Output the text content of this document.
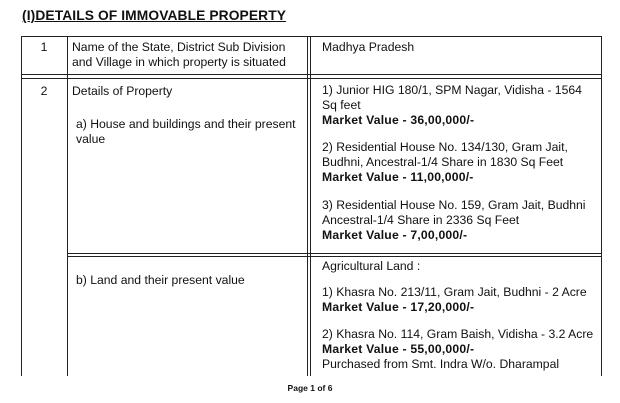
(I)DETAILS OF IMMOVABLE PROPERTY
1	Name of the State, District Sub Division
and Village in which property is situated
Madhya Pradesh
2	Details of Property
a) House and buildings and their present
value
1) Junior HIG 180/1, SPM Nagar, Vidisha - 1564
Sq feet
Market Value - 36,00,000/-
2) Residential House No. 134/130, Gram Jait,
Budhni, Ancestral-1/4 Share in 1830 Sq Feet
Market Value - 11,00,000/-
3) Residential House No. 159, Gram Jait, Budhni
Ancestral-1/4 Share in 2336 Sq Feet
Market Value - 7,00,000/-
b) Land and their present value
Agricultural Land :
1) Khasra No. 213/11, Gram Jait, Budhni - 2 Acre
Market Value - 17,20,000/-
2) Khasra No. 114, Gram Baish, Vidisha - 3.2 Acre
Market Value - 55,00,000/-
Purchased from Smt. Indra W/o. Dharampal
Page 1 of 6
